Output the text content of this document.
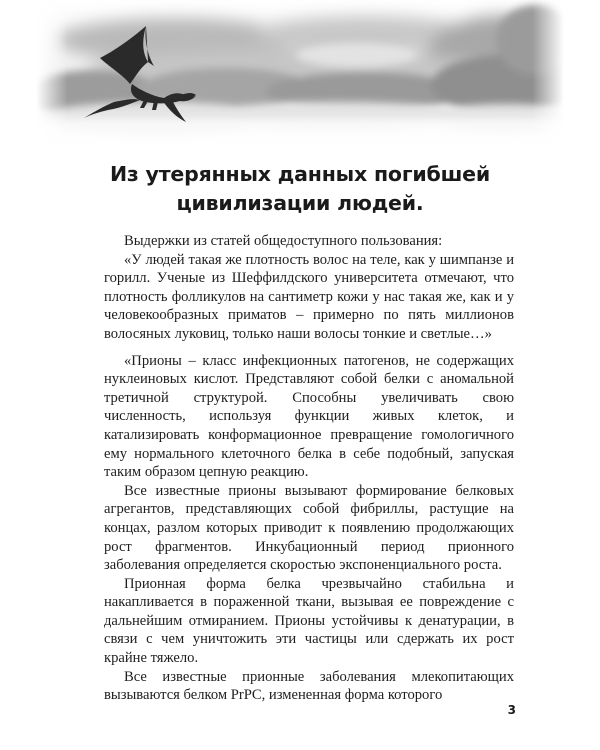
Из утерянных данных погибшей
цивилизации людей.

Выдержки из статей общедоступного пользования:

«У людей такая же плотность волос на теле, как у шимпанзе и горилл. Ученые из Шеффилдского университета отмечают, что плотность фолликулов на сантиметр кожи у нас такая же, как и у человекообразных приматов – примерно по пять миллионов волосяных луковиц, только наши волосы тонкие и светлые…»

«Прионы – класс инфекционных патогенов, не содержащих нуклеиновых кислот. Представляют собой белки с аномальной третичной структурой. Способны увеличивать свою численность, используя функции живых клеток, и катализировать конформационное превращение гомологичного ему нормального клеточного белка в себе подобный, запуская таким образом цепную реакцию.

Все известные прионы вызывают формирование белковых агрегантов, представляющих собой фибриллы, растущие на концах, разлом которых приводит к появлению продолжающих рост фрагментов. Инкубационный период прионного заболевания определяется скоростью экспоненциального роста.

Прионная форма белка чрезвычайно стабильна и накапливается в пораженной ткани, вызывая ее повреждение с дальнейшим отмиранием. Прионы устойчивы к денатурации, в связи с чем уничтожить эти частицы или сдержать их рост крайне тяжело.

Все известные прионные заболевания млекопитающих вызываются белком PrPC, измененная форма которого

3
